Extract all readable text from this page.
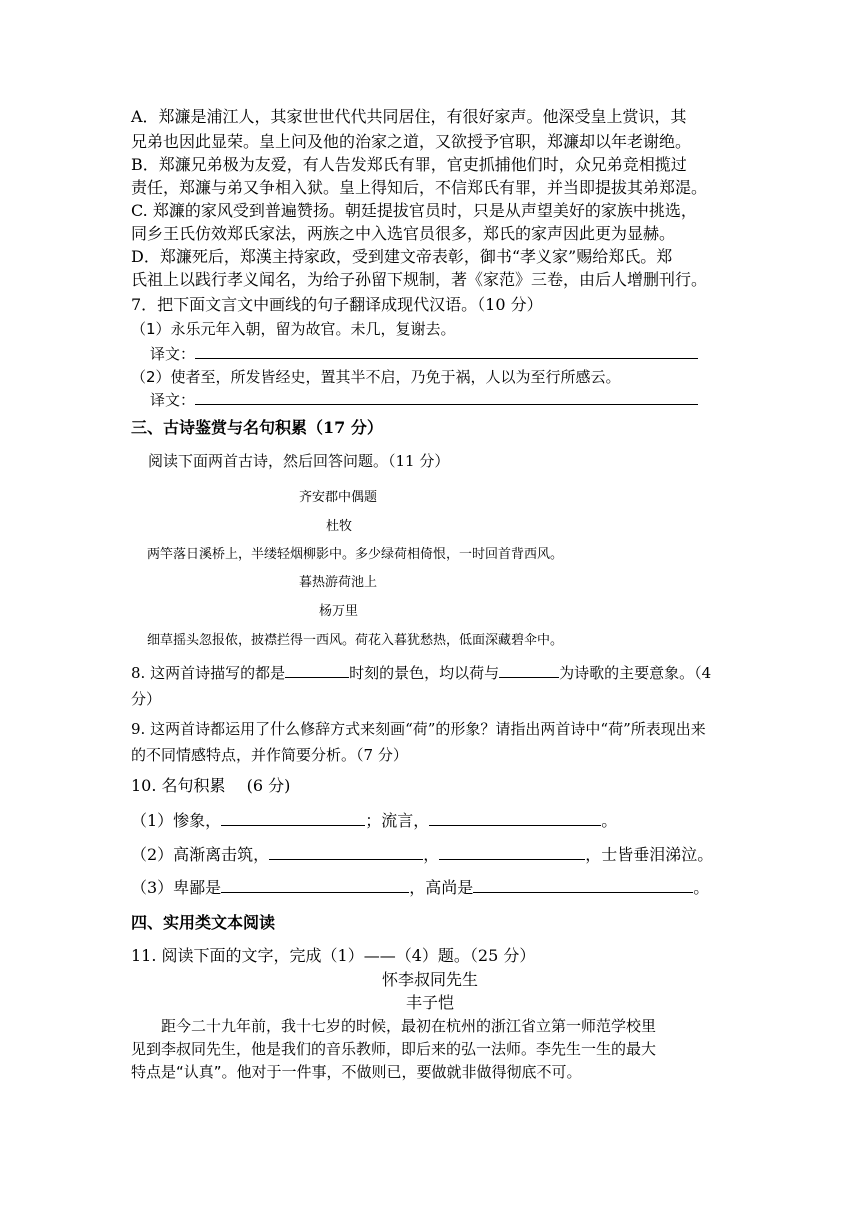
A．郑濂是浦江人，其家世世代代共同居住，有很好家声。他深受皇上赏识，其
兄弟也因此显荣。皇上问及他的治家之道，又欲授予官职，郑濂却以年老谢绝。
B．郑濂兄弟极为友爱，有人告发郑氏有罪，官吏抓捕他们时，众兄弟竞相揽过
责任，郑濂与弟又争相入狱。皇上得知后，不信郑氏有罪，并当即提拔其弟郑湜。
C. 郑濂的家风受到普遍赞扬。朝廷提拔官员时，只是从声望美好的家族中挑选，
同乡王氏仿效郑氏家法，两族之中入选官员很多，郑氏的家声因此更为显赫。
D．郑濂死后，郑漢主持家政，受到建文帝表彰，御书“孝义家”赐给郑氏。郑
氏祖上以践行孝义闻名，为给子孙留下规制，著《家范》三卷，由后人增删刊行。
7．把下面文言文中画线的句子翻译成现代汉语。（10 分）
（1）永乐元年入朝，留为故官。未几，复谢去。
译文：
（2）使者至，所发皆经史，置其半不启，乃免于祸，人以为至行所感云。
译文：
三、古诗鉴赏与名句积累（17 分）
阅读下面两首古诗，然后回答问题。（11 分）
齐安郡中偶题
杜牧
两竿落日溪桥上，半缕轻烟柳影中。多少绿荷相倚恨，一时回首背西风。
暮热游荷池上
杨万里
细草摇头忽报侬，披襟拦得一西风。荷花入暮犹愁热，低面深藏碧伞中。
8. 这两首诗描写的都是	时刻的景色，均以荷与	为诗歌的主要意象。（4
分）
9. 这两首诗都运用了什么修辞方式来刻画“荷”的形象？请指出两首诗中“荷”所表现出来
的不同情感特点，并作简要分析。（7 分）
10. 名句积累　 (6 分)
（1）惨象，	；流言，	。
（2）高渐离击筑，	，	，士皆垂泪涕泣。
（3）卑鄙是	，高尚是	。
四、实用类文本阅读
11. 阅读下面的文字，完成（1）——（4）题。（25 分）
怀李叔同先生
丰子恺
　　距今二十九年前，我十七岁的时候，最初在杭州的浙江省立第一师范学校里
见到李叔同先生，他是我们的音乐教师，即后来的弘一法师。李先生一生的最大
特点是“认真”。他对于一件事，不做则已，要做就非做得彻底不可。
